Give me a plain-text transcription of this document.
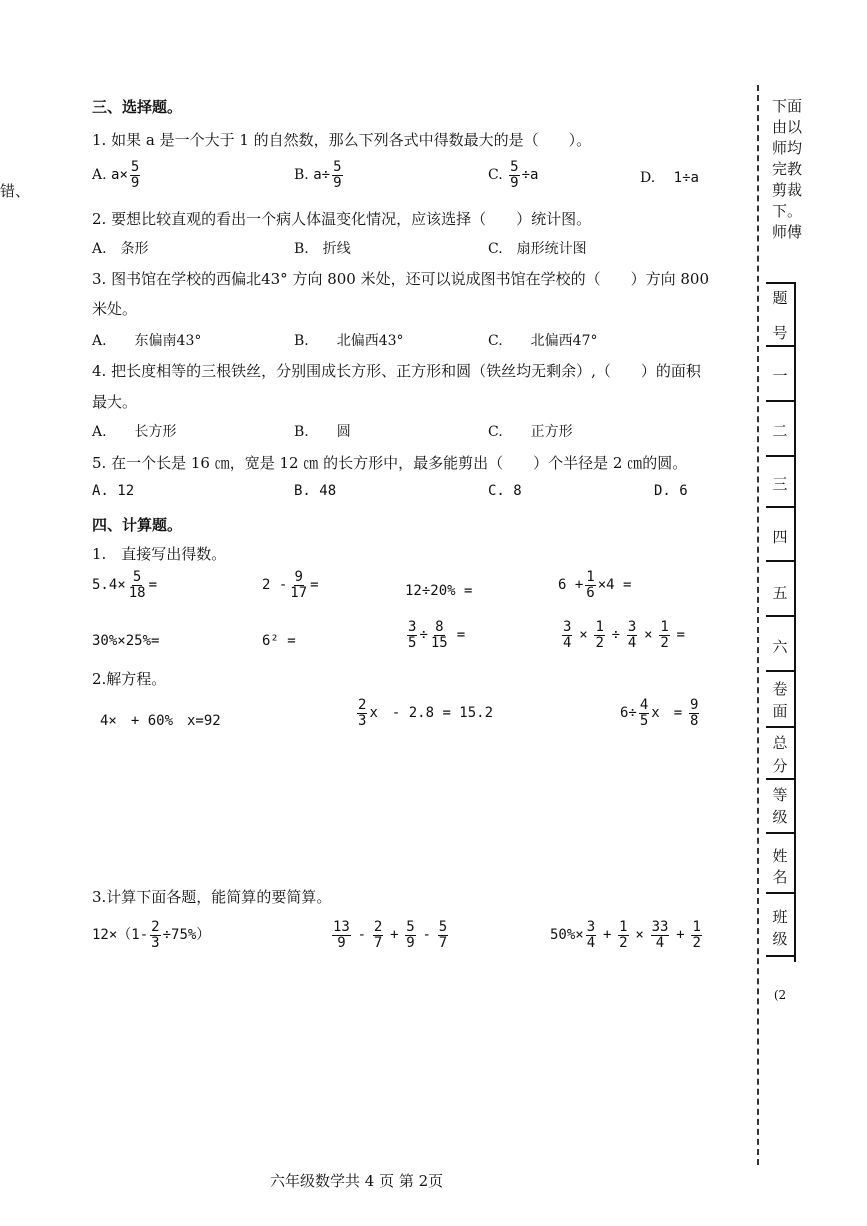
错、
三、选择题。
1. 如果 a 是一个大于 1 的自然数，那么下列各式中得数最大的是（　　）。
A. $a\times \frac{5}{9}$	B. $a\div \frac{5}{9}$	C. $\frac{5}{9} \div a$	D. 1÷a
2. 要想比较直观的看出一个病人体温变化情况，应该选择（　　）统计图。
A.　条形	B.　折线	C.　扇形统计图
3. 图书馆在学校的西偏北43° 方向 800 米处，还可以说成图书馆在学校的（　　）方向 800
米处。
A.　　东偏南43°	B.　　北偏西43°	C.　　北偏西47°
4. 把长度相等的三根铁丝，分别围成长方形、正方形和圆（铁丝均无剩余）,（　　）的面积
最大。
A.　　长方形	B.　　圆	C.　　正方形
5. 在一个长是 16 ㎝，宽是 12 ㎝ 的长方形中，最多能剪出（　　）个半径是 2 ㎝的圆。
A. 12	B. 48	C. 8	D. 6
四、计算题。
1.　直接写出得数。
$5.4\times \frac{5}{18}$ =	$2 - \frac{9}{17}$ =	12÷20% =	$6 + \frac{1}{6} \times 4$ =
30%×25%=	6² =	$\frac{3}{5} \div \frac{8}{15}$ =	$\frac{3}{4} \times \frac{1}{2} \div \frac{3}{4} \times \frac{1}{2}$ =
2.解方程。
4×　+ 60%　x=92	$\frac{2}{3}$ x　- 2.8 = 15.2	$6\div \frac{4}{5}$ x　= $\frac{9}{8}$
3.计算下面各题，能简算的要简算。
$12\times(1- \frac{2}{3} \div 75\%)$	$\frac{13}{9} - \frac{2}{7} + \frac{5}{9} - \frac{5}{7}$	$50\%\times \frac{3}{4} + \frac{1}{2} \times \frac{33}{4} + \frac{1}{2}$
六年级数学共 4 页 第 2页
下面
由以
师均
完教
剪裁
下。
师傅
题
号
一
二
三
四
五
六
卷
面
总
分
等
级
姓
名
班
级
(2
